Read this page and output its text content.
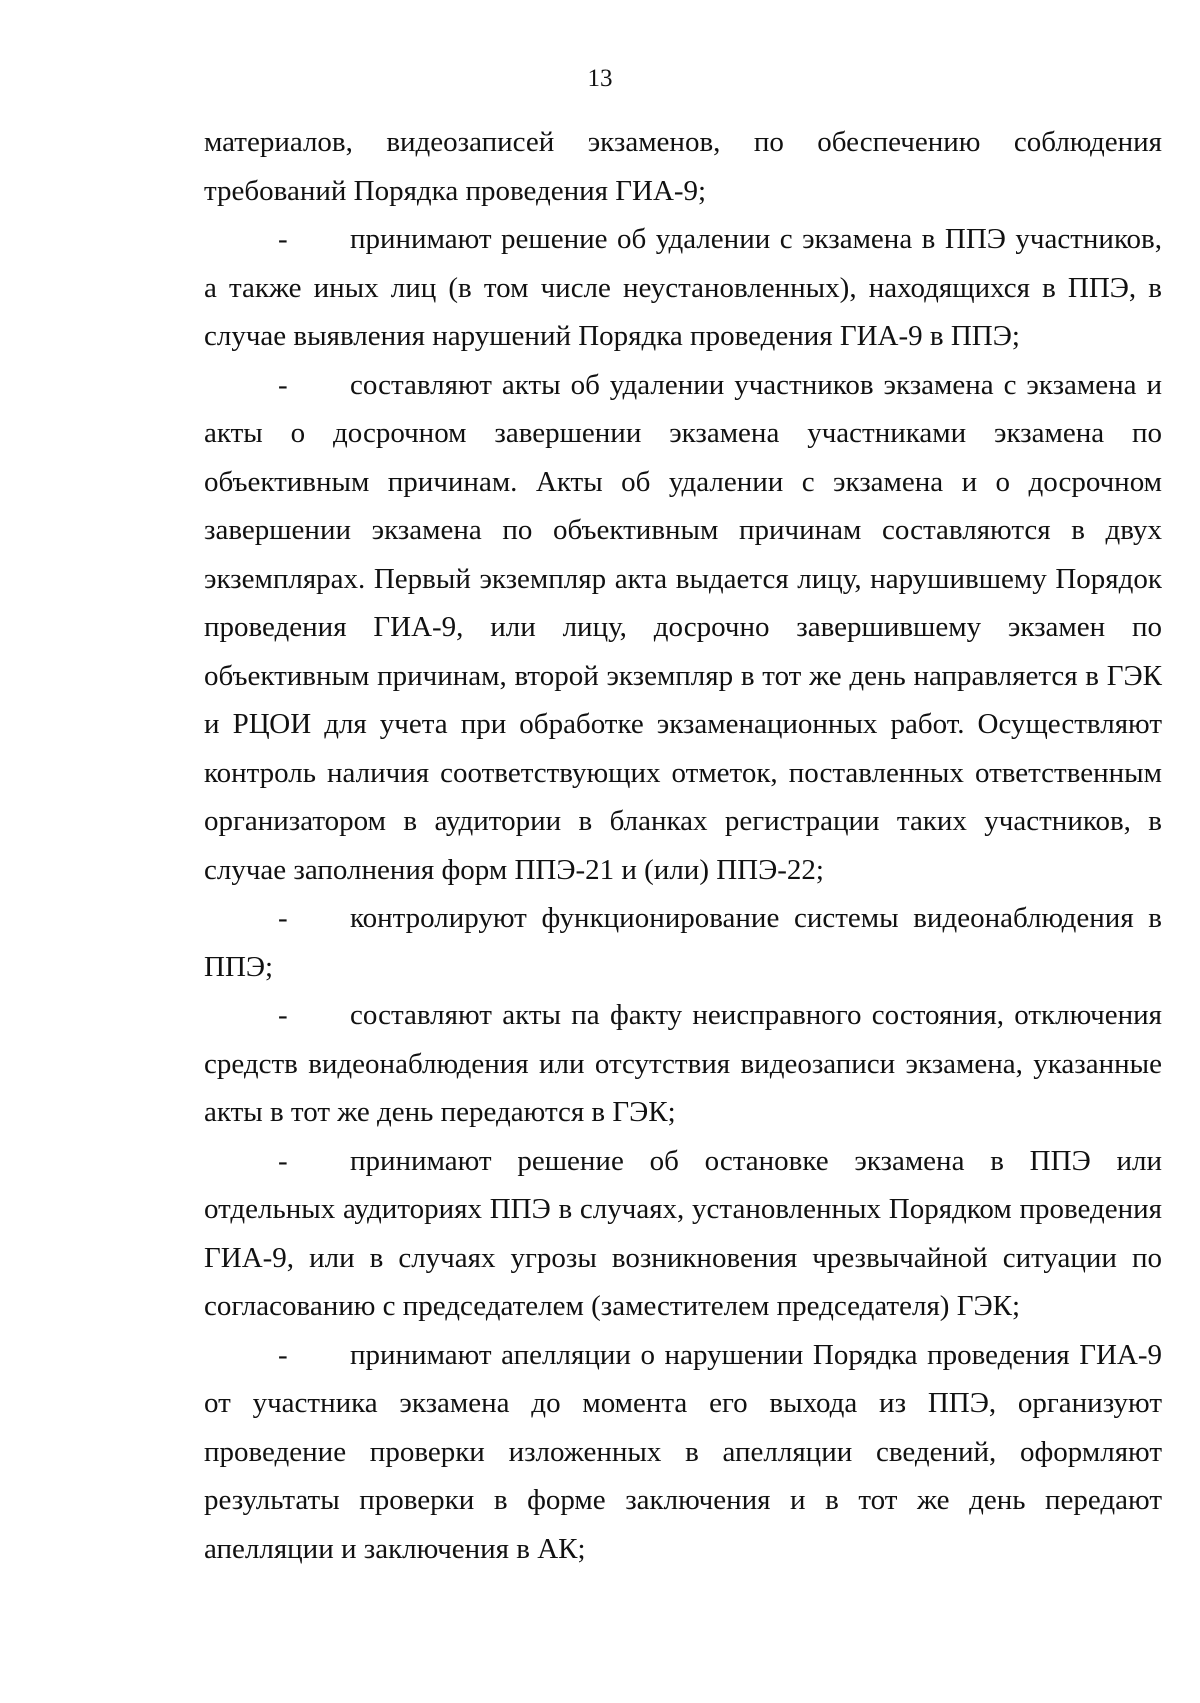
13

материалов, видеозаписей экзаменов, по обеспечению соблюдения требований Порядка проведения ГИА-9;

- принимают решение об удалении с экзамена в ППЭ участников, а также иных лиц (в том числе неустановленных), находящихся в ППЭ, в случае выявления нарушений Порядка проведения ГИА-9 в ППЭ;

- составляют акты об удалении участников экзамена с экзамена и акты о досрочном завершении экзамена участниками экзамена по объективным причинам. Акты об удалении с экзамена и о досрочном завершении экзамена по объективным причинам составляются в двух экземплярах. Первый экземпляр акта выдается лицу, нарушившему Порядок проведения ГИА-9, или лицу, досрочно завершившему экзамен по объективным причинам, второй экземпляр в тот же день направляется в ГЭК и РЦОИ для учета при обработке экзаменационных работ. Осуществляют контроль наличия соответствующих отметок, поставленных ответственным организатором в аудитории в бланках регистрации таких участников, в случае заполнения форм ППЭ-21 и (или) ППЭ-22;

- контролируют функционирование системы видеонаблюдения в ППЭ;

- составляют акты па факту неисправного состояния, отключения средств видеонаблюдения или отсутствия видеозаписи экзамена, указанные акты в тот же день передаются в ГЭК;

- принимают решение об остановке экзамена в ППЭ или отдельных аудиториях ППЭ в случаях, установленных Порядком проведения ГИА-9, или в случаях угрозы возникновения чрезвычайной ситуации по согласованию с председателем (заместителем председателя) ГЭК;

- принимают апелляции о нарушении Порядка проведения ГИА-9 от участника экзамена до момента его выхода из ППЭ, организуют проведение проверки изложенных в апелляции сведений, оформляют результаты проверки в форме заключения и в тот же день передают апелляции и заключения в АК;
